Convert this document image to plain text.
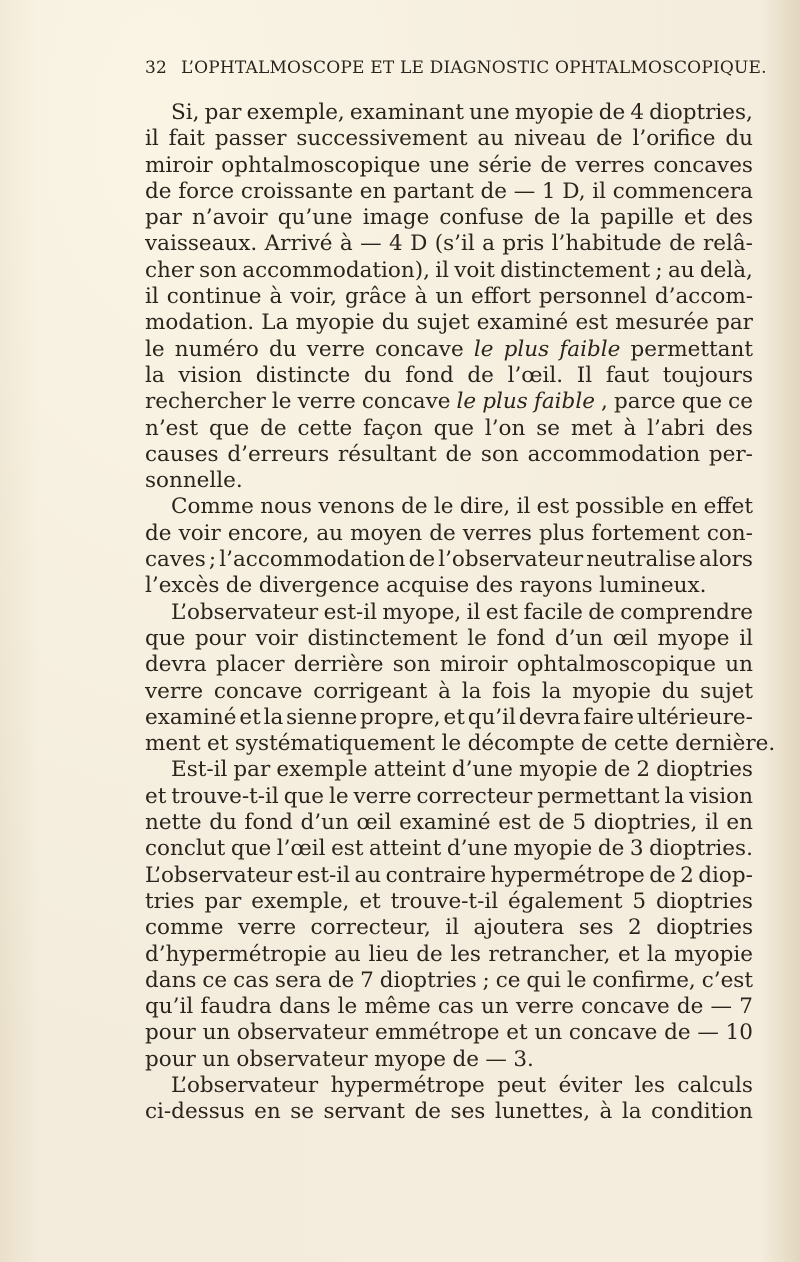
32 L’OPHTALMOSCOPE ET LE DIAGNOSTIC OPHTALMOSCOPIQUE.
Si, par exemple, examinant une myopie de 4 dioptries,
il fait passer successivement au niveau de l’orifice du
miroir ophtalmoscopique une série de verres concaves
de force croissante en partant de — 1 D, il commencera
par n’avoir qu’une image confuse de la papille et des
vaisseaux. Arrivé à — 4 D (s’il a pris l’habitude de relâ-
cher son accommodation), il voit distinctement ; au delà,
il continue à voir, grâce à un effort personnel d’accom-
modation. La myopie du sujet examiné est mesurée par
le numéro du verre concave le plus faible permettant
la vision distincte du fond de l’œil. Il faut toujours
rechercher le verre concave le plus faible , parce que ce
n’est que de cette façon que l’on se met à l’abri des
causes d’erreurs résultant de son accommodation per-
sonnelle.
Comme nous venons de le dire, il est possible en effet
de voir encore, au moyen de verres plus fortement con-
caves ; l’accommodation de l’observateur neutralise alors
l’excès de divergence acquise des rayons lumineux.
L’observateur est-il myope, il est facile de comprendre
que pour voir distinctement le fond d’un œil myope il
devra placer derrière son miroir ophtalmoscopique un
verre concave corrigeant à la fois la myopie du sujet
examiné et la sienne propre, et qu’il devra faire ultérieure-
ment et systématiquement le décompte de cette dernière.
Est-il par exemple atteint d’une myopie de 2 dioptries
et trouve-t-il que le verre correcteur permettant la vision
nette du fond d’un œil examiné est de 5 dioptries, il en
conclut que l’œil est atteint d’une myopie de 3 dioptries.
L’observateur est-il au contraire hypermétrope de 2 diop-
tries par exemple, et trouve-t-il également 5 dioptries
comme verre correcteur, il ajoutera ses 2 dioptries
d’hypermétropie au lieu de les retrancher, et la myopie
dans ce cas sera de 7 dioptries ; ce qui le confirme, c’est
qu’il faudra dans le même cas un verre concave de — 7
pour un observateur emmétrope et un concave de — 10
pour un observateur myope de — 3.
L’observateur hypermétrope peut éviter les calculs
ci-dessus en se servant de ses lunettes, à la condition
